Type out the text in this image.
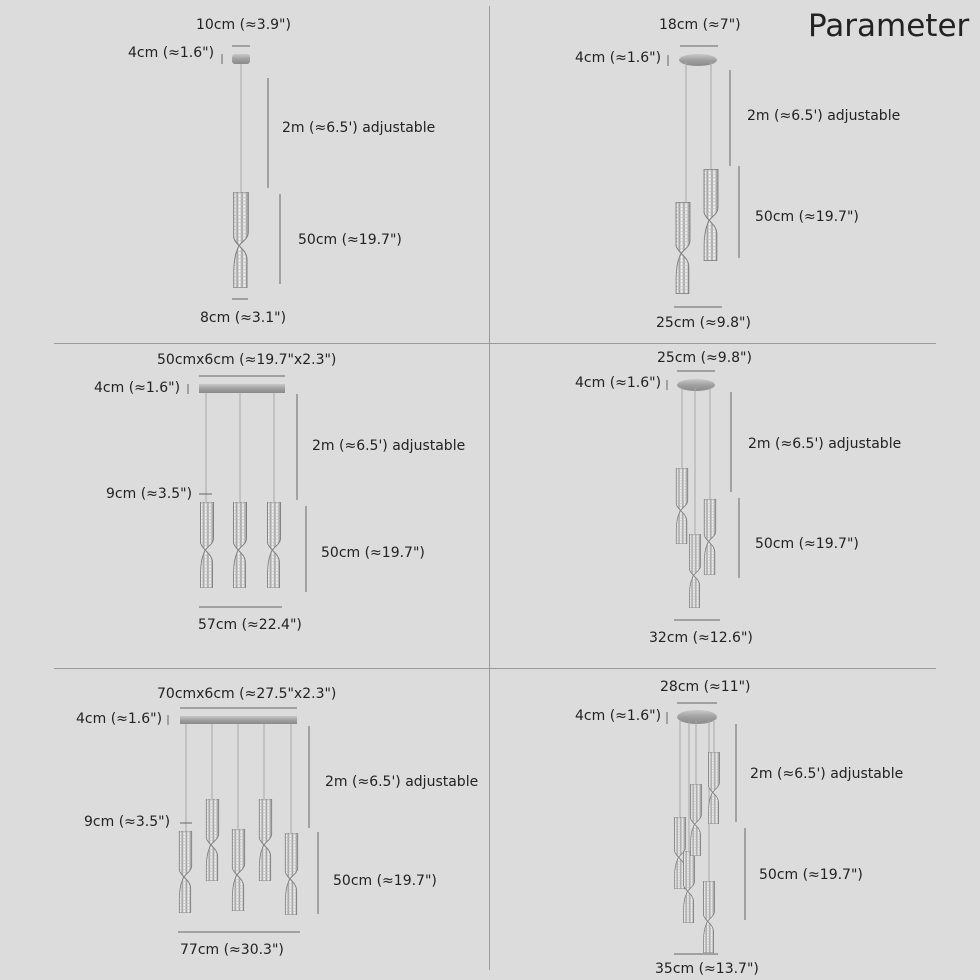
Parameter
10cm (≈3.9")
4cm (≈1.6")
2m (≈6.5') adjustable
50cm (≈19.7")
8cm (≈3.1")
18cm (≈7")
4cm (≈1.6")
2m (≈6.5') adjustable
50cm (≈19.7")
25cm (≈9.8")
50cmx6cm (≈19.7"x2.3")
4cm (≈1.6")
2m (≈6.5') adjustable
9cm (≈3.5")
50cm (≈19.7")
57cm (≈22.4")
25cm (≈9.8")
4cm (≈1.6")
2m (≈6.5') adjustable
50cm (≈19.7")
32cm (≈12.6")
70cmx6cm (≈27.5"x2.3")
4cm (≈1.6")
2m (≈6.5') adjustable
9cm (≈3.5")
50cm (≈19.7")
77cm (≈30.3")
28cm (≈11")
4cm (≈1.6")
2m (≈6.5') adjustable
50cm (≈19.7")
35cm (≈13.7")
